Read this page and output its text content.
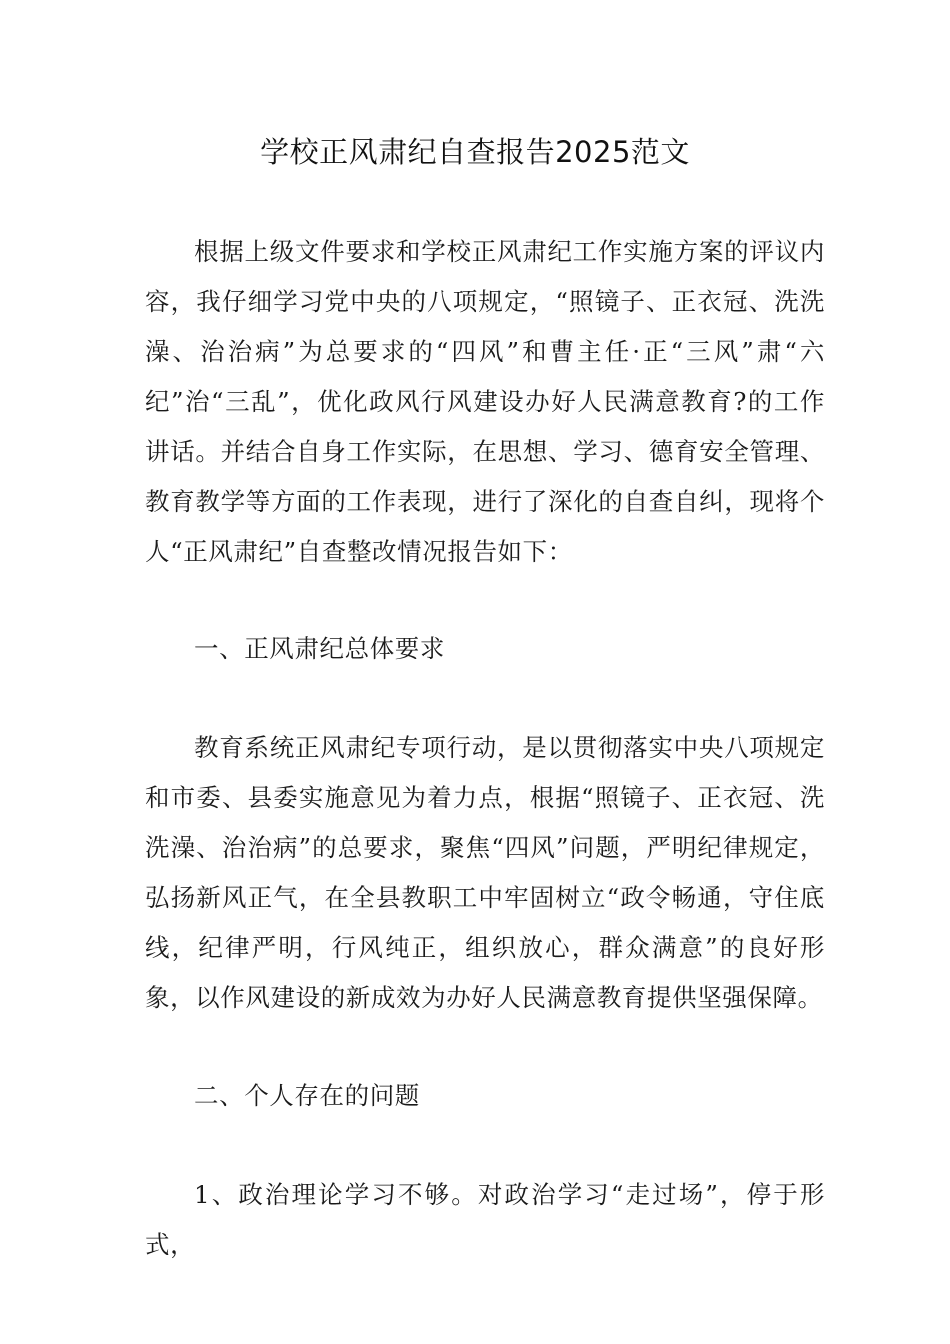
学校正风肃纪自查报告2025范文

根据上级文件要求和学校正风肃纪工作实施方案的评议内容，我仔细学习党中央的八项规定，“照镜子、正衣冠、洗洗澡、治治病”为总要求的“四风”和曹主任·正“三风”肃“六纪”治“三乱”，优化政风行风建设办好人民满意教育?的工作讲话。并结合自身工作实际，在思想、学习、德育安全管理、教育教学等方面的工作表现，进行了深化的自查自纠，现将个人“正风肃纪”自查整改情况报告如下：

一、正风肃纪总体要求

教育系统正风肃纪专项行动，是以贯彻落实中央八项规定和市委、县委实施意见为着力点，根据“照镜子、正衣冠、洗洗澡、治治病”的总要求，聚焦“四风”问题，严明纪律规定，弘扬新风正气，在全县教职工中牢固树立“政令畅通，守住底线，纪律严明，行风纯正，组织放心，群众满意”的良好形象，以作风建设的新成效为办好人民满意教育提供坚强保障。

二、个人存在的问题

1、政治理论学习不够。对政治学习“走过场”，停于形式，
